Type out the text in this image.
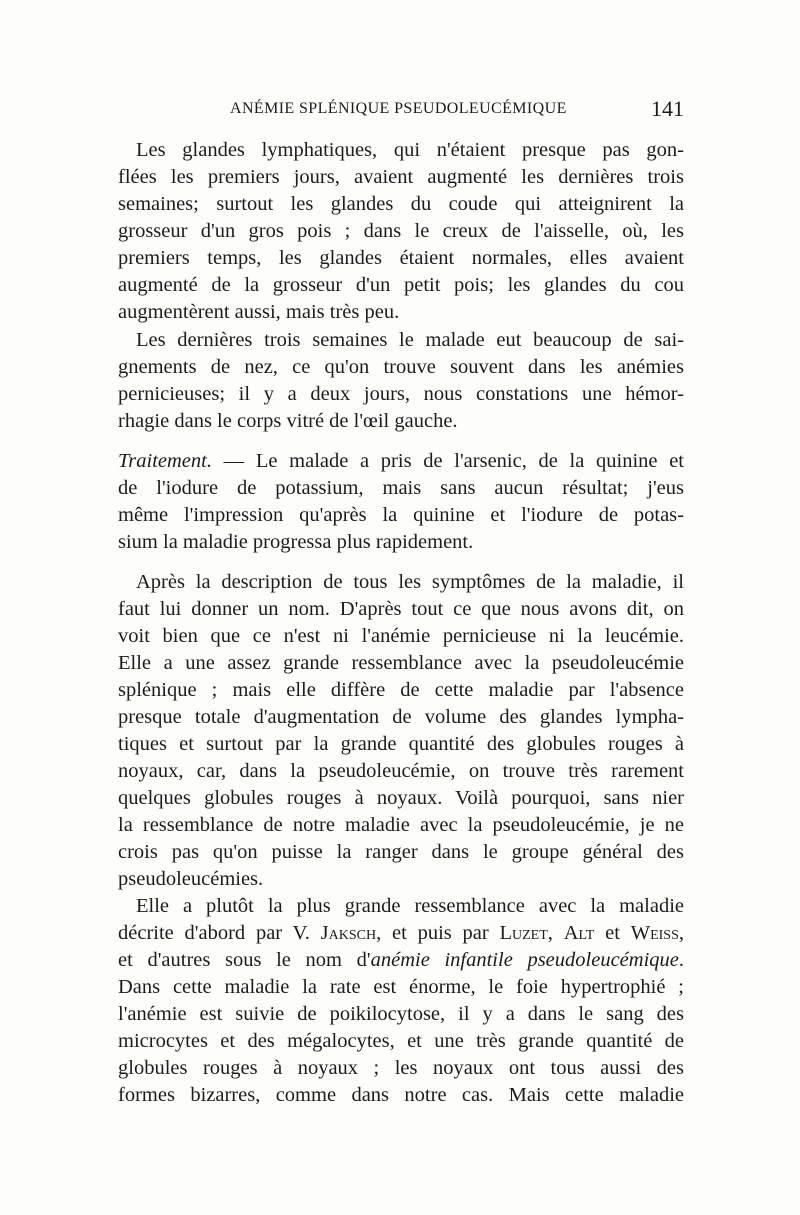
ANÉMIE SPLÉNIQUE PSEUDOLEUCÉMIQUE	141
Les glandes lymphatiques, qui n'étaient presque pas gon-
flées les premiers jours, avaient augmenté les dernières trois
semaines; surtout les glandes du coude qui atteignirent la
grosseur d'un gros pois ; dans le creux de l'aisselle, où, les
premiers temps, les glandes étaient normales, elles avaient
augmenté de la grosseur d'un petit pois; les glandes du cou
augmentèrent aussi, mais très peu.
Les dernières trois semaines le malade eut beaucoup de sai-
gnements de nez, ce qu'on trouve souvent dans les anémies
pernicieuses; il y a deux jours, nous constations une hémor-
rhagie dans le corps vitré de l'œil gauche.
Traitement. — Le malade a pris de l'arsenic, de la quinine et
de l'iodure de potassium, mais sans aucun résultat; j'eus
même l'impression qu'après la quinine et l'iodure de potas-
sium la maladie progressa plus rapidement.
Après la description de tous les symptômes de la maladie, il
faut lui donner un nom. D'après tout ce que nous avons dit, on
voit bien que ce n'est ni l'anémie pernicieuse ni la leucémie.
Elle a une assez grande ressemblance avec la pseudoleucémie
splénique ; mais elle diffère de cette maladie par l'absence
presque totale d'augmentation de volume des glandes lympha-
tiques et surtout par la grande quantité des globules rouges à
noyaux, car, dans la pseudoleucémie, on trouve très rarement
quelques globules rouges à noyaux. Voilà pourquoi, sans nier
la ressemblance de notre maladie avec la pseudoleucémie, je ne
crois pas qu'on puisse la ranger dans le groupe général des
pseudoleucémies.
Elle a plutôt la plus grande ressemblance avec la maladie
décrite d'abord par V. Jaksch, et puis par Luzet, Alt et Weiss,
et d'autres sous le nom d'anémie infantile pseudoleucémique.
Dans cette maladie la rate est énorme, le foie hypertrophié ;
l'anémie est suivie de poikilocytose, il y a dans le sang des
microcytes et des mégalocytes, et une très grande quantité de
globules rouges à noyaux ; les noyaux ont tous aussi des
formes bizarres, comme dans notre cas. Mais cette maladie
